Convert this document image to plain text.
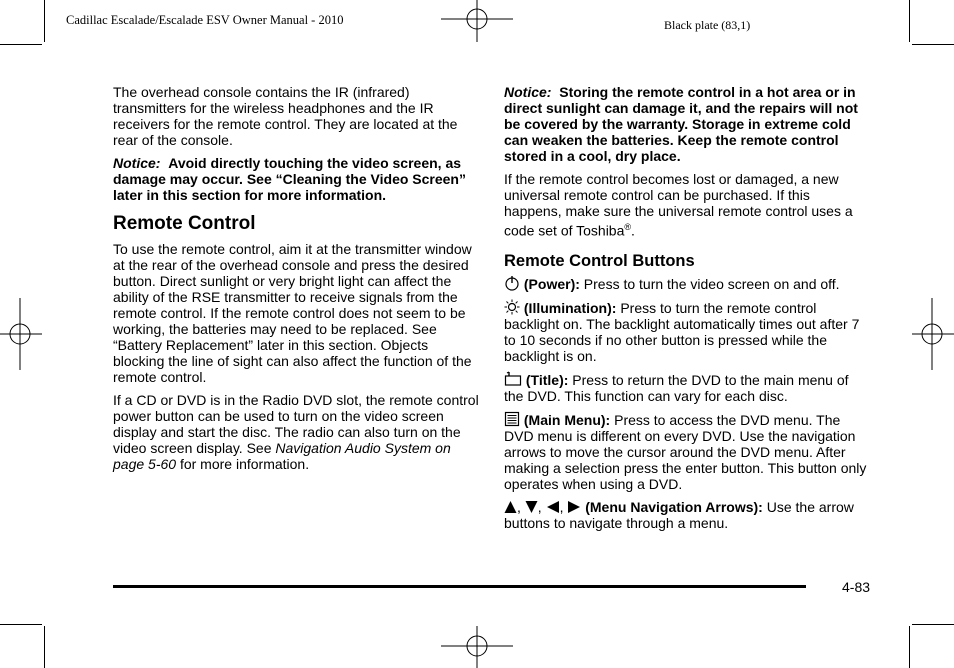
Cadillac Escalade/Escalade ESV Owner Manual - 2010	Black plate (83,1)

The overhead console contains the IR (infrared) transmitters for the wireless headphones and the IR receivers for the remote control. They are located at the rear of the console.

Notice: Avoid directly touching the video screen, as damage may occur. See “Cleaning the Video Screen” later in this section for more information.

Remote Control

To use the remote control, aim it at the transmitter window at the rear of the overhead console and press the desired button. Direct sunlight or very bright light can affect the ability of the RSE transmitter to receive signals from the remote control. If the remote control does not seem to be working, the batteries may need to be replaced. See “Battery Replacement” later in this section. Objects blocking the line of sight can also affect the function of the remote control.

If a CD or DVD is in the Radio DVD slot, the remote control power button can be used to turn on the video screen display and start the disc. The radio can also turn on the video screen display. See Navigation Audio System on page 5-60 for more information.

Notice: Storing the remote control in a hot area or in direct sunlight can damage it, and the repairs will not be covered by the warranty. Storage in extreme cold can weaken the batteries. Keep the remote control stored in a cool, dry place.

If the remote control becomes lost or damaged, a new universal remote control can be purchased. If this happens, make sure the universal remote control uses a code set of Toshiba®.

Remote Control Buttons

(Power): Press to turn the video screen on and off.

(Illumination): Press to turn the remote control backlight on. The backlight automatically times out after 7 to 10 seconds if no other button is pressed while the backlight is on.

(Title): Press to return the DVD to the main menu of the DVD. This function can vary for each disc.

(Main Menu): Press to access the DVD menu. The DVD menu is different on every DVD. Use the navigation arrows to move the cursor around the DVD menu. After making a selection press the enter button. This button only operates when using a DVD.

, , ,  (Menu Navigation Arrows): Use the arrow buttons to navigate through a menu.

4-83
